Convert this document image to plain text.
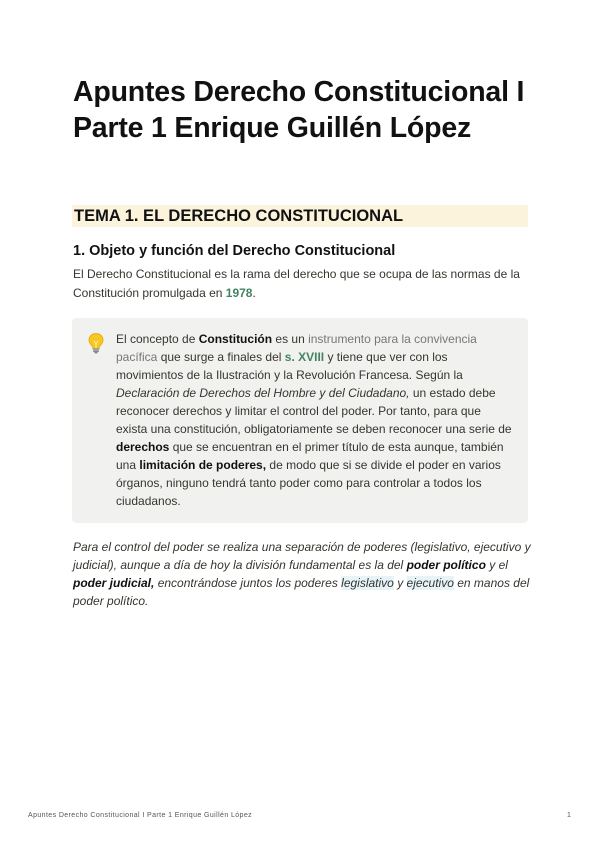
Apuntes Derecho Constitucional I Parte 1 Enrique Guillén López
TEMA 1. EL DERECHO CONSTITUCIONAL
1. Objeto y función del Derecho Constitucional

El Derecho Constitucional es la rama del derecho que se ocupa de las normas de la Constitución promulgada en 1978.

El concepto de Constitución es un instrumento para la convivencia pacífica que surge a finales del s. XVIII y tiene que ver con los movimientos de la Ilustración y la Revolución Francesa. Según la Declaración de Derechos del Hombre y del Ciudadano, un estado debe reconocer derechos y limitar el control del poder. Por tanto, para que exista una constitución, obligatoriamente se deben reconocer una serie de derechos que se encuentran en el primer título de esta aunque, también una limitación de poderes, de modo que si se divide el poder en varios órganos, ninguno tendrá tanto poder como para controlar a todos los ciudadanos.

Para el control del poder se realiza una separación de poderes (legislativo, ejecutivo y judicial), aunque a día de hoy la división fundamental es la del poder político y el poder judicial, encontrándose juntos los poderes legislativo y ejecutivo en manos del poder político.

Apuntes Derecho Constitucional I Parte 1 Enrique Guillén López	1
